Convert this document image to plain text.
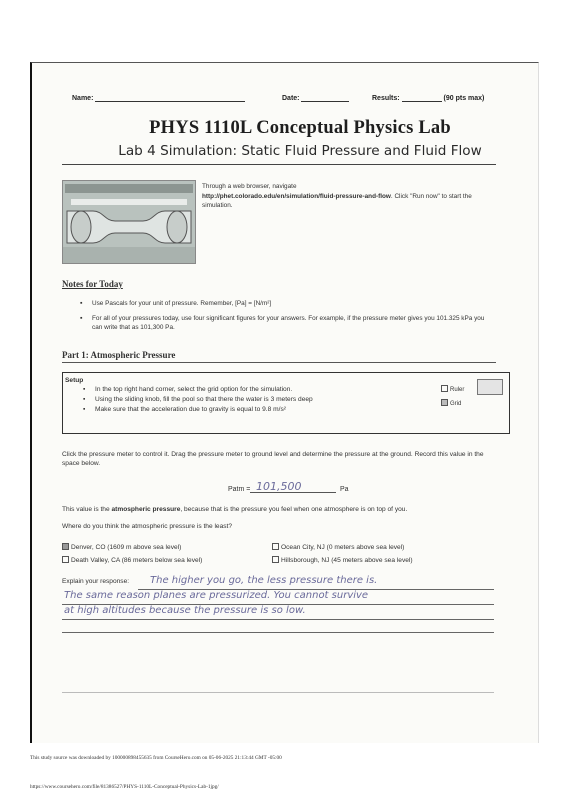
Name:	Date:	Results:	(90 pts max)
PHYS 1110L Conceptual Physics Lab
Lab 4 Simulation: Static Fluid Pressure and Fluid Flow
Through a web browser, navigate
http://phet.colorado.edu/en/simulation/fluid-pressure-and-flow. Click "Run now" to start the simulation.
Notes for Today
▪ Use Pascals for your unit of pressure. Remember, [Pa] = [N/m²]
▪ For all of your pressures today, use four significant figures for your answers. For example, if the pressure meter gives you 101.325 kPa you can write that as 101,300 Pa.
Part 1: Atmospheric Pressure
Setup
▪ In the top right hand corner, select the grid option for the simulation.
▪ Using the sliding knob, fill the pool so that there the water is 3 meters deep
▪ Make sure that the acceleration due to gravity is equal to 9.8 m/s²
Ruler
Grid
Click the pressure meter to control it. Drag the pressure meter to ground level and determine the pressure at the ground. Record this value in the space below.
Patm = 101,500	Pa
This value is the atmospheric pressure, because that is the pressure you feel when one atmosphere is on top of you.
Where do you think the atmospheric pressure is the least?
Denver, CO (1609 m above sea level)	Ocean City, NJ (0 meters above sea level)
Death Valley, CA (86 meters below sea level)	Hillsborough, NJ (45 meters above sea level)
Explain your response: The higher you go, the less pressure there is.
The same reason planes are pressurized. You cannot survive
at high altitudes because the pressure is so low.
This study source was downloaded by 100000898455635 from CourseHero.com on 05-06-2025 21:13:44 GMT -05:00
https://www.coursehero.com/file/81386527/PHYS-1110L-Conceptual-Physics-Lab-1jpg/
